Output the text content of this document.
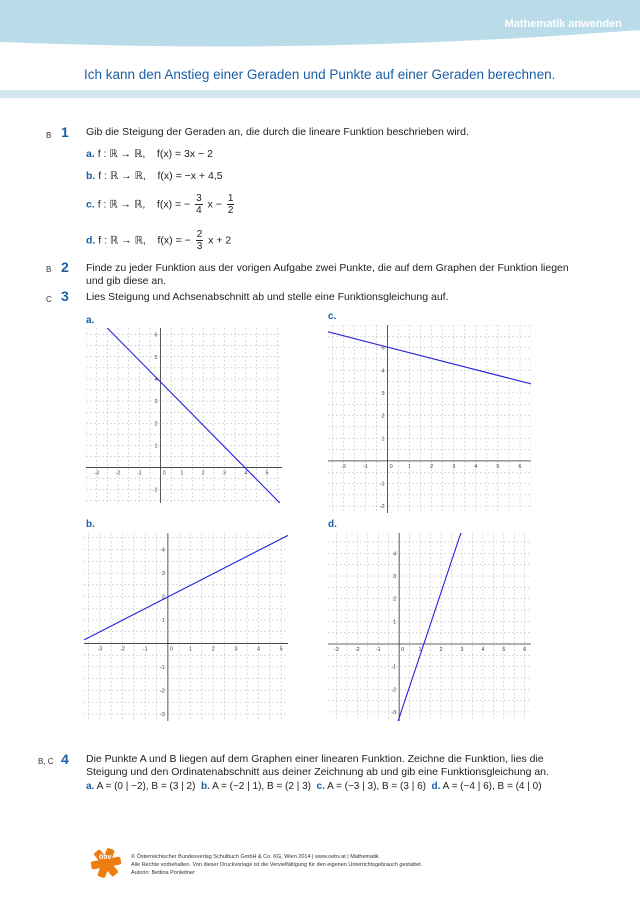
Mathematik anwenden
Ich kann den Anstieg einer Geraden und Punkte auf einer Geraden berechnen.
B 1 Gib die Steigung der Geraden an, die durch die lineare Funktion beschrieben wird.
a. f : ℝ → ℝ, f(x) = 3x − 2
b. f : ℝ → ℝ, f(x) = −x + 4,5
c. f : ℝ → ℝ, f(x) = − $\frac{3}{4}$ $x - \frac{1}{2}$
d. f : ℝ → ℝ, f(x) = − $\frac{2}{3}$ x + 2
B 2 Finde zu jeder Funktion aus der vorigen Aufgabe zwei Punkte, die auf dem Graphen der Funktion liegen
und gib diese an.
C 3 Lies Steigung und Achsenabschnitt ab und stelle eine Funktionsgleichung auf.
a.	c.
b.	d.
-3	-2	-1	1	2	3	4	5
-1
1
2
3
4
5
6
0
-2	-1	1	2	3	4	5	6
-2
-1
1
2
3
4
5
0
-3	-2	-1	1	2	3	4	5
-3
-2
-1
1
2
3
4
0	-3	-2	-1	1	2	3	4	5	6
-3
-2
-1
1
2
3
4
0
B, C 4 Die Punkte A und B liegen auf dem Graphen einer linearen Funktion. Zeichne die Funktion, lies die
Steigung und den Ordinatenabschnitt aus deiner Zeichnung ab und gib eine Funktionsgleichung an.
a. A = (0 | −2), B = (3 | 2) b. A = (−2 | 1), B = (2 | 3) c. A = (−3 | 3), B = (3 | 6) d. A = (−4 | 6), B = (4 | 0)
öbv	© Österreichischer Bundesverlag Schulbuch GmbH & Co. KG, Wien 2014 | www.oebv.at | Mathematik
Alle Rechte vorbehalten. Von dieser Druckvorlage ist die Vervielfältigung für den eigenen Unterrichtsgebrauch gestattet.
Autorin: Bettina Ponleitner
